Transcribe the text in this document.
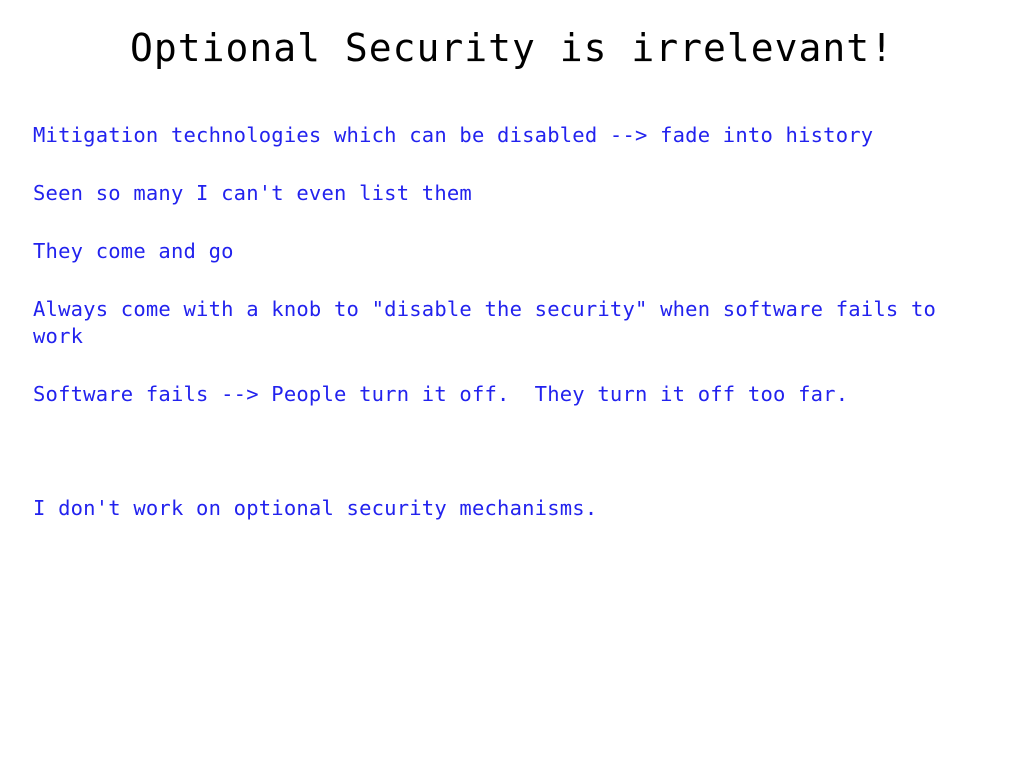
Optional Security is irrelevant!

Mitigation technologies which can be disabled --> fade into history

Seen so many I can't even list them

They come and go

Always come with a knob to "disable the security" when software fails to work

Software fails --> People turn it off.  They turn it off too far.

I don't work on optional security mechanisms.
